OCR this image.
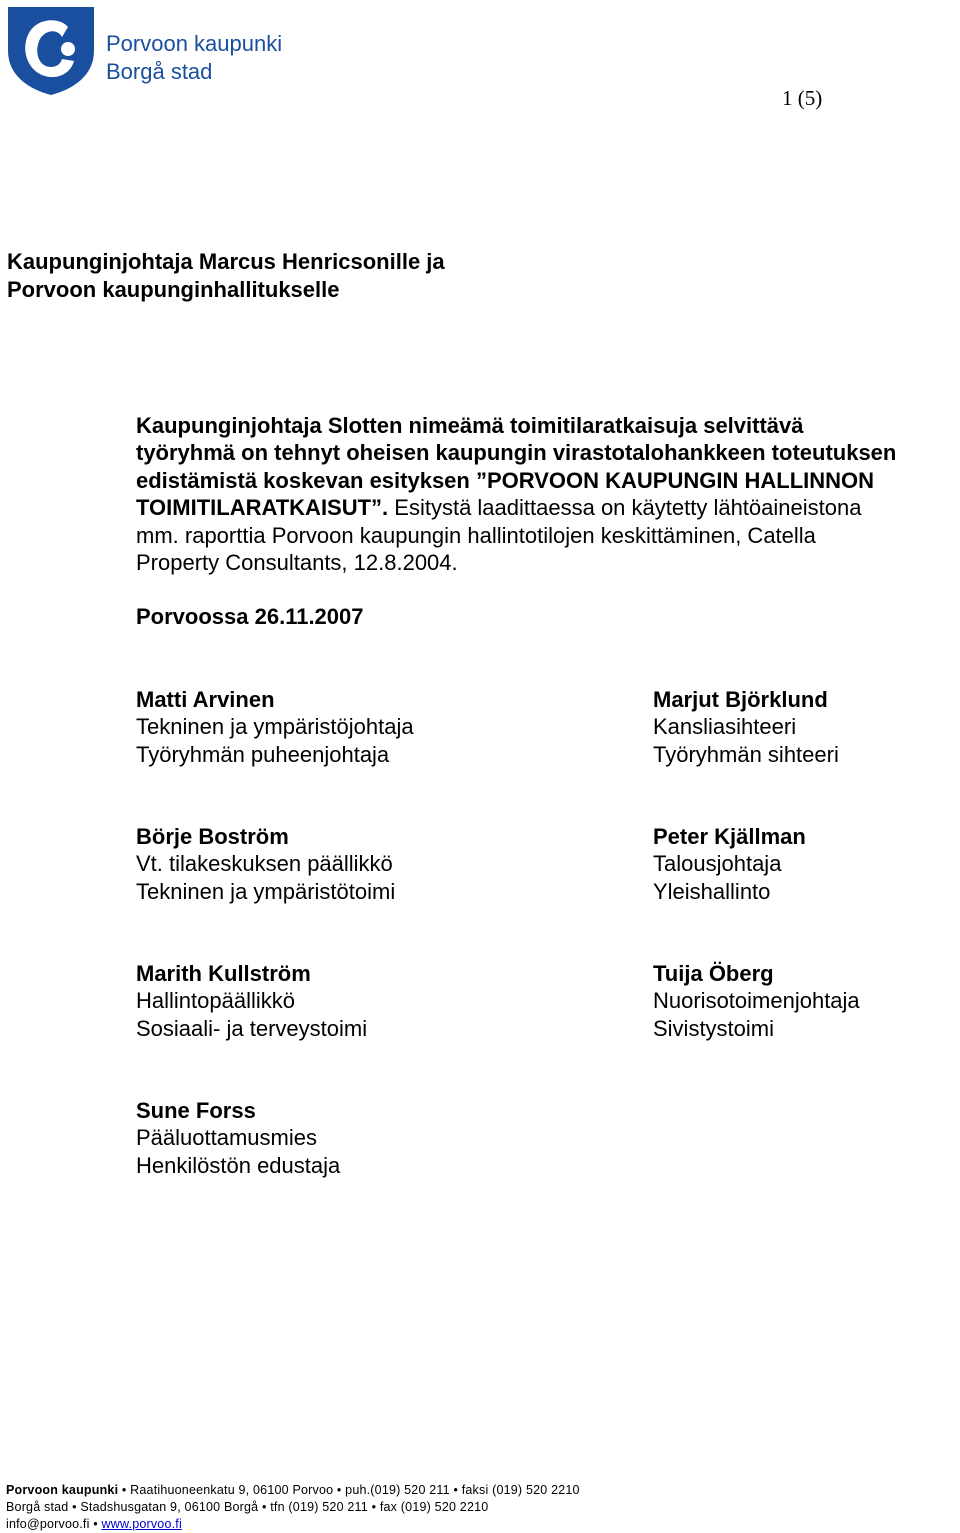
Porvoon kaupunki
Borgå stad
1 (5)
Kaupunginjohtaja Marcus Henricsonille ja
Porvoon kaupunginhallitukselle
Kaupunginjohtaja Slotten nimeämä toimitilaratkaisuja selvittävä
työryhmä on tehnyt oheisen kaupungin virastotalohankkeen toteutuksen
edistämistä koskevan esityksen ”PORVOON KAUPUNGIN HALLINNON
TOIMITILARATKAISUT”. Esitystä laadittaessa on käytetty lähtöaineistona
mm. raporttia Porvoon kaupungin hallintotilojen keskittäminen, Catella
Property Consultants, 12.8.2004.
Porvoossa 26.11.2007
Matti Arvinen
Tekninen ja ympäristöjohtaja
Työryhmän puheenjohtaja
Marjut Björklund
Kansliasihteeri
Työryhmän sihteeri
Börje Boström
Vt. tilakeskuksen päällikkö
Tekninen ja ympäristötoimi
Peter Kjällman
Talousjohtaja
Yleishallinto
Marith Kullström
Hallintopäällikkö
Sosiaali- ja terveystoimi
Tuija Öberg
Nuorisotoimenjohtaja
Sivistystoimi
Sune Forss
Pääluottamusmies
Henkilöstön edustaja
Porvoon kaupunki • Raatihuoneenkatu 9, 06100 Porvoo • puh.(019) 520 211 • faksi (019) 520 2210
Borgå stad • Stadshusgatan 9, 06100 Borgå • tfn (019) 520 211 • fax (019) 520 2210
info@porvoo.fi • www.porvoo.fi
